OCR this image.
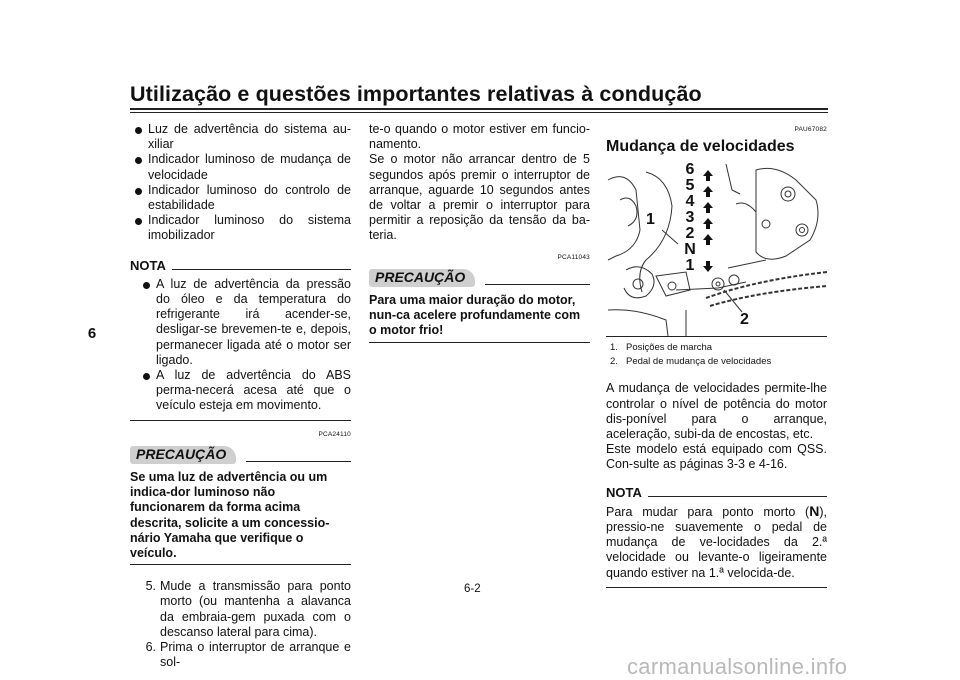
Utilização e questões importantes relativas à condução
6
Luz de advertência do sistema au-xiliar
Indicador luminoso de mudança de velocidade
Indicador luminoso do controlo de estabilidade
Indicador luminoso do sistema imobilizador
NOTA
A luz de advertência da pressão do óleo e da temperatura do refrigerante irá acender-se, desligar-se brevemen-te e, depois, permanecer ligada até o motor ser ligado.
A luz de advertência do ABS perma-necerá acesa até que o veículo esteja em movimento.
PCA24110
PRECAUÇÃO
Se uma luz de advertência ou um indica-dor luminoso não funcionarem da forma acima descrita, solicite a um concessio-nário Yamaha que verifique o veículo.
5. Mude a transmissão para ponto morto (ou mantenha a alavanca da embraia-gem puxada com o descanso lateral para cima).
6. Prima o interruptor de arranque e sol-
te-o quando o motor estiver em funcio-namento.
Se o motor não arrancar dentro de 5 segundos após premir o interruptor de arranque, aguarde 10 segundos antes de voltar a premir o interruptor para permitir a reposição da tensão da ba-teria.
PCA11043
PRECAUÇÃO
Para uma maior duração do motor, nun-ca acelere profundamente com o motor frio!
PAU67082
Mudança de velocidades
6
5
4
3
2
N
1
1
2
1. Posições de marcha
2. Pedal de mudança de velocidades
A mudança de velocidades permite-lhe controlar o nível de potência do motor dis-ponível para o arranque, aceleração, subi-da de encostas, etc.
Este modelo está equipado com QSS. Con-sulte as páginas 3-3 e 4-16.
NOTA
Para mudar para ponto morto (N), pressio-ne suavemente o pedal de mudança de ve-locidades da 2.ª velocidade ou levante-o ligeiramente quando estiver na 1.ª velocida-de.
6-2
carmanualsonline.info
